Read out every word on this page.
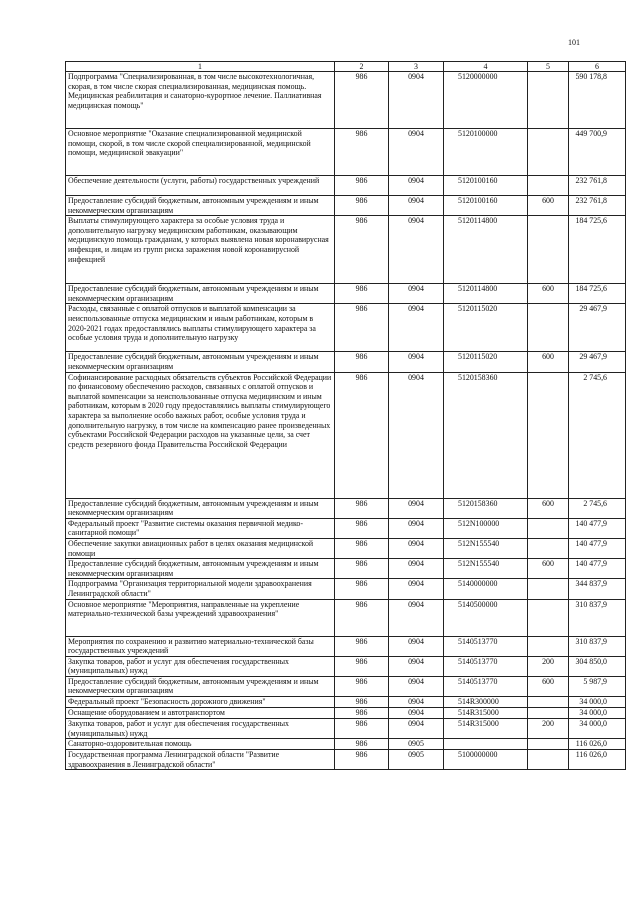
101
1	2	3	4	5	6
Подпрограмма "Специализированная, в том числе высокотехнологичная, скорая, в том числе скорая специализированная, медицинская помощь. Медицинская реабилитация и санаторно-курортное лечение. Паллиативная медицинская помощь"	986	0904	5120000000		590 178,8
Основное мероприятие "Оказание специализированной медицинской помощи, скорой, в том числе скорой специализированной, медицинской помощи, медицинской эвакуации"	986	0904	5120100000		449 700,9
Обеспечение деятельности (услуги, работы) государственных учреждений	986	0904	5120100160		232 761,8
Предоставление субсидий бюджетным, автономным учреждениям и иным некоммерческим организациям	986	0904	5120100160	600	232 761,8
Выплаты стимулирующего характера за особые условия труда и дополнительную нагрузку медицинским работникам, оказывающим медицинскую помощь гражданам, у которых выявлена новая коронавирусная инфекция, и лицам из групп риска заражения новой коронавирусной инфекцией	986	0904	5120114800		184 725,6
Предоставление субсидий бюджетным, автономным учреждениям и иным некоммерческим организациям	986	0904	5120114800	600	184 725,6
Расходы, связанные с оплатой отпусков и выплатой компенсации за неиспользованные отпуска медицинским и иным работникам, которым в 2020-2021 годах предоставлялись выплаты стимулирующего характера за особые условия труда и дополнительную нагрузку	986	0904	5120115020		29 467,9
Предоставление субсидий бюджетным, автономным учреждениям и иным некоммерческим организациям	986	0904	5120115020	600	29 467,9
Софинансирование расходных обязательств субъектов Российской Федерации по финансовому обеспечению расходов, связанных с оплатой отпусков и выплатой компенсации за неиспользованные отпуска медицинским и иным работникам, которым в 2020 году предоставлялись выплаты стимулирующего характера за выполнение особо важных работ, особые условия труда и дополнительную нагрузку, в том числе на компенсацию ранее произведенных субъектами Российской Федерации расходов на указанные цели, за счет средств резервного фонда Правительства Российской Федерации	986	0904	5120158360		2 745,6
Предоставление субсидий бюджетным, автономным учреждениям и иным некоммерческим организациям	986	0904	5120158360	600	2 745,6
Федеральный проект "Развитие системы оказания первичной медико-санитарной помощи"	986	0904	512N100000		140 477,9
Обеспечение закупки авиационных работ в целях оказания медицинской помощи	986	0904	512N155540		140 477,9
Предоставление субсидий бюджетным, автономным учреждениям и иным некоммерческим организациям	986	0904	512N155540	600	140 477,9
Подпрограмма "Организация территориальной модели здравоохранения Ленинградской области"	986	0904	5140000000		344 837,9
Основное мероприятие "Мероприятия, направленные на укрепление материально-технической базы учреждений здравоохранения"	986	0904	5140500000		310 837,9
Мероприятия по сохранению и развитию материально-технической базы государственных учреждений	986	0904	5140513770		310 837,9
Закупка товаров, работ и услуг для обеспечения государственных (муниципальных) нужд	986	0904	5140513770	200	304 850,0
Предоставление субсидий бюджетным, автономным учреждениям и иным некоммерческим организациям	986	0904	5140513770	600	5 987,9
Федеральный проект "Безопасность дорожного движения"	986	0904	514R300000		34 000,0
Оснащение оборудованием и автотранспортом	986	0904	514R315000		34 000,0
Закупка товаров, работ и услуг для обеспечения государственных (муниципальных) нужд	986	0904	514R315000	200	34 000,0
Санаторно-оздоровительная помощь	986	0905			116 026,0
Государственная программа Ленинградской области "Развитие здравоохранения в Ленинградской области"	986	0905	5100000000		116 026,0
